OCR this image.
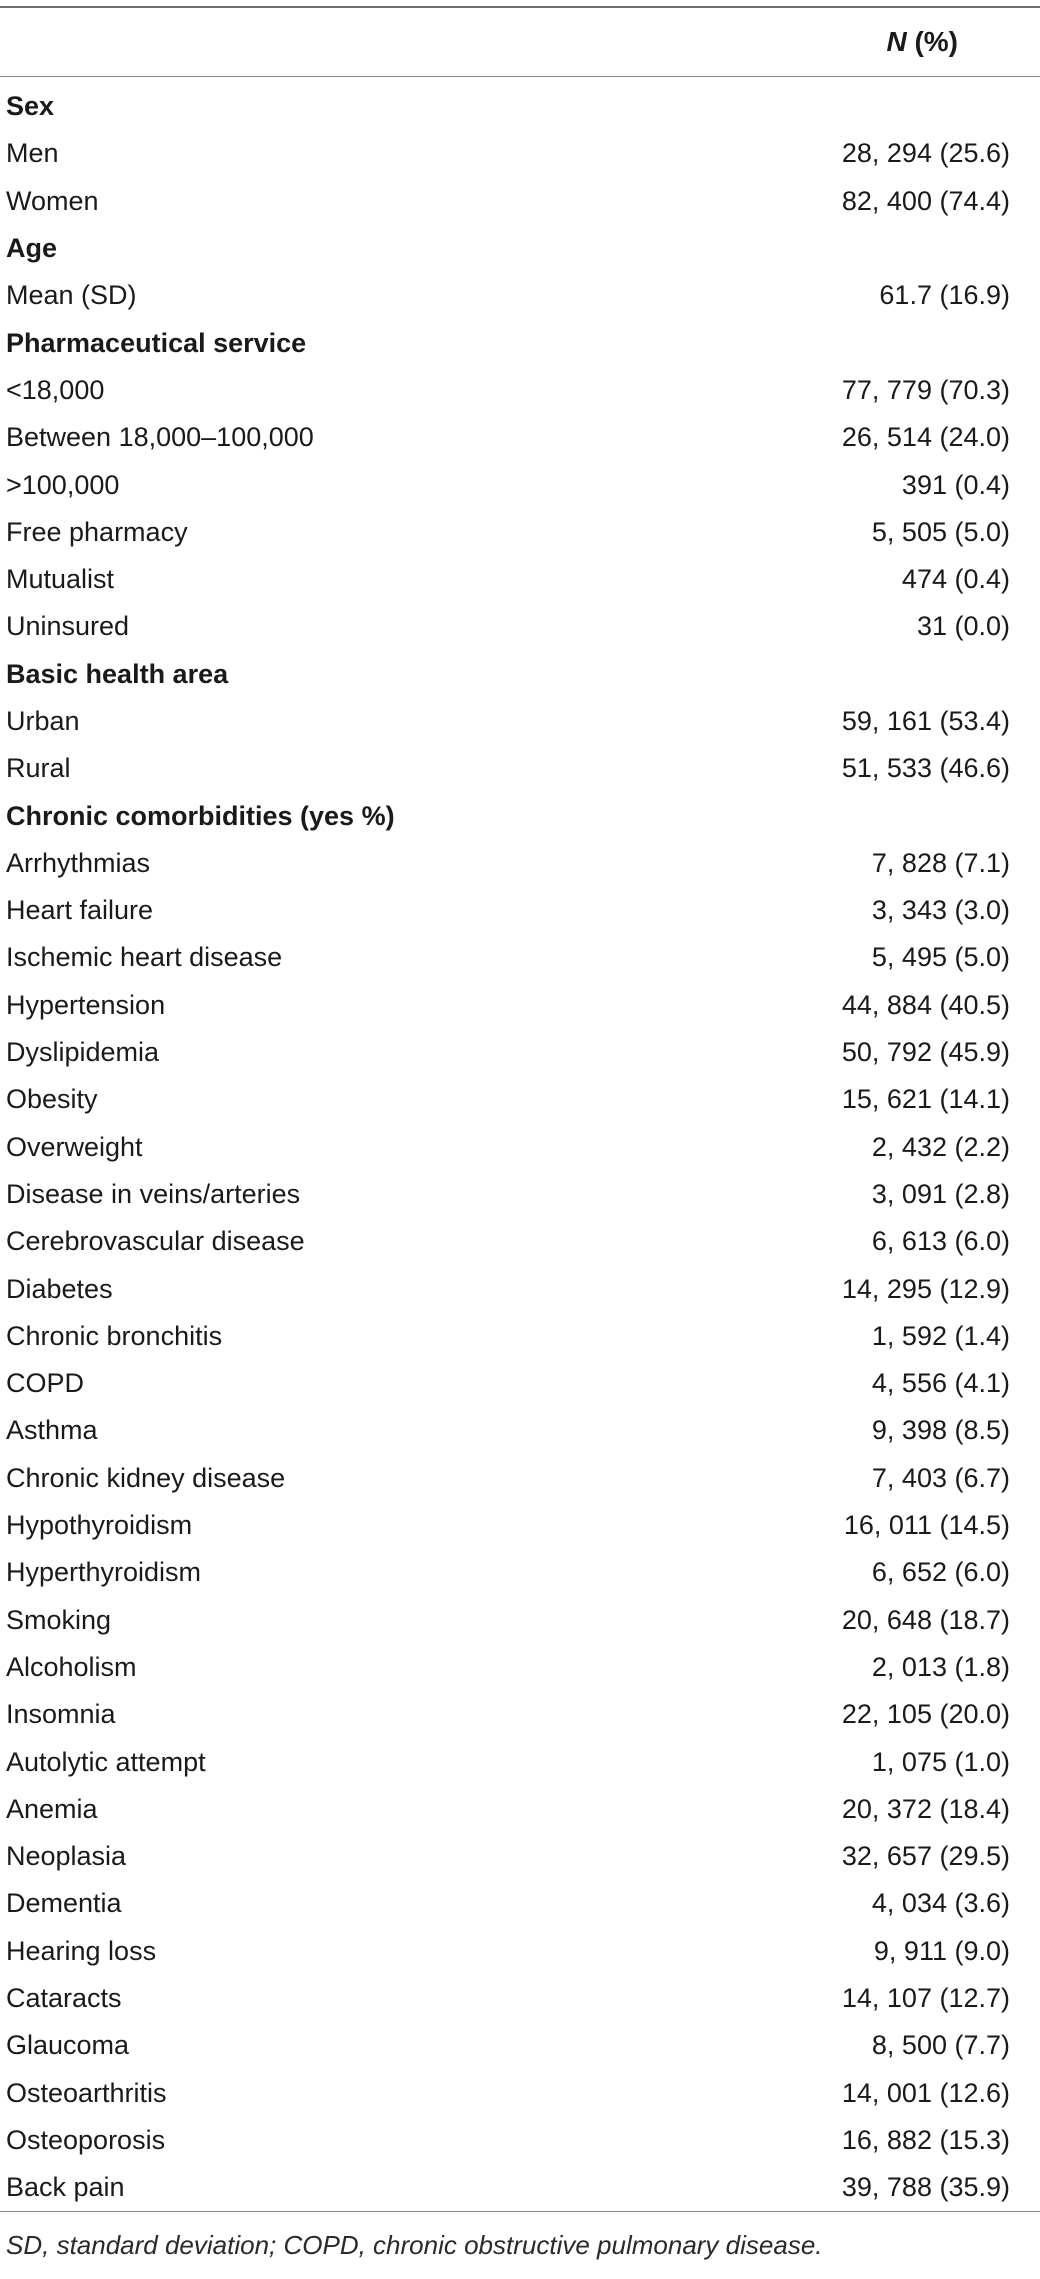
N (%)
Sex
Men	28, 294 (25.6)
Women	82, 400 (74.4)
Age
Mean (SD)	61.7 (16.9)
Pharmaceutical service
<18,000	77, 779 (70.3)
Between 18,000–100,000	26, 514 (24.0)
>100,000	391 (0.4)
Free pharmacy	5, 505 (5.0)
Mutualist	474 (0.4)
Uninsured	31 (0.0)
Basic health area
Urban	59, 161 (53.4)
Rural	51, 533 (46.6)
Chronic comorbidities (yes %)
Arrhythmias	7, 828 (7.1)
Heart failure	3, 343 (3.0)
Ischemic heart disease	5, 495 (5.0)
Hypertension	44, 884 (40.5)
Dyslipidemia	50, 792 (45.9)
Obesity	15, 621 (14.1)
Overweight	2, 432 (2.2)
Disease in veins/arteries	3, 091 (2.8)
Cerebrovascular disease	6, 613 (6.0)
Diabetes	14, 295 (12.9)
Chronic bronchitis	1, 592 (1.4)
COPD	4, 556 (4.1)
Asthma	9, 398 (8.5)
Chronic kidney disease	7, 403 (6.7)
Hypothyroidism	16, 011 (14.5)
Hyperthyroidism	6, 652 (6.0)
Smoking	20, 648 (18.7)
Alcoholism	2, 013 (1.8)
Insomnia	22, 105 (20.0)
Autolytic attempt	1, 075 (1.0)
Anemia	20, 372 (18.4)
Neoplasia	32, 657 (29.5)
Dementia	4, 034 (3.6)
Hearing loss	9, 911 (9.0)
Cataracts	14, 107 (12.7)
Glaucoma	8, 500 (7.7)
Osteoarthritis	14, 001 (12.6)
Osteoporosis	16, 882 (15.3)
Back pain	39, 788 (35.9)
SD, standard deviation; COPD, chronic obstructive pulmonary disease.
